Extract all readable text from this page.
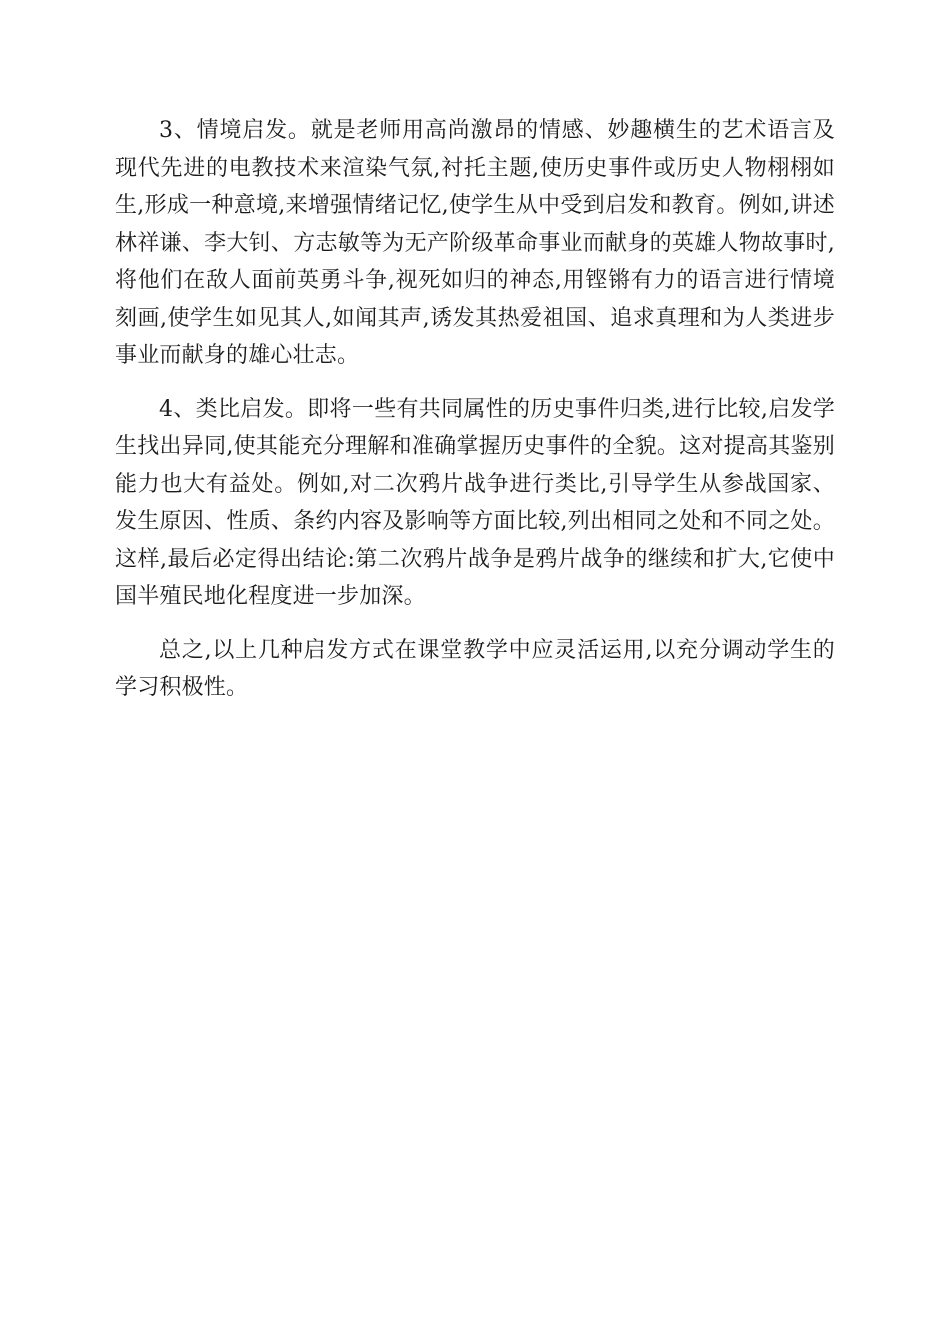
3、情境启发。就是老师用高尚激昂的情感、妙趣横生的艺术语言及现代先进的电教技术来渲染气氛,衬托主题,使历史事件或历史人物栩栩如生,形成一种意境,来增强情绪记忆,使学生从中受到启发和教育。例如,讲述林祥谦、李大钊、方志敏等为无产阶级革命事业而献身的英雄人物故事时,将他们在敌人面前英勇斗争,视死如归的神态,用铿锵有力的语言进行情境刻画,使学生如见其人,如闻其声,诱发其热爱祖国、追求真理和为人类进步事业而献身的雄心壮志。

4、类比启发。即将一些有共同属性的历史事件归类,进行比较,启发学生找出异同,使其能充分理解和准确掌握历史事件的全貌。这对提高其鉴别能力也大有益处。例如,对二次鸦片战争进行类比,引导学生从参战国家、发生原因、性质、条约内容及影响等方面比较,列出相同之处和不同之处。这样,最后必定得出结论:第二次鸦片战争是鸦片战争的继续和扩大,它使中国半殖民地化程度进一步加深。

总之,以上几种启发方式在课堂教学中应灵活运用,以充分调动学生的学习积极性。
